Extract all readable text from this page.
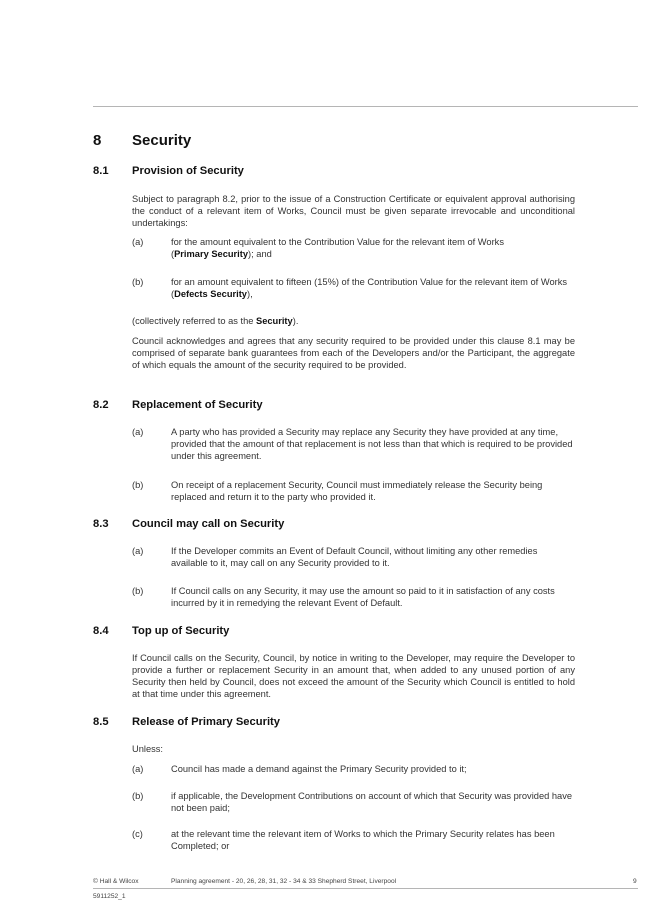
8 Security
8.1 Provision of Security
Subject to paragraph 8.2, prior to the issue of a Construction Certificate or equivalent approval authorising the conduct of a relevant item of Works, Council must be given separate irrevocable and unconditional undertakings:
(a)	for the amount equivalent to the Contribution Value for the relevant item of Works
(Primary Security); and
(b)	for an amount equivalent to fifteen (15%) of the Contribution Value for the relevant item of Works (Defects Security),
(collectively referred to as the Security).
Council acknowledges and agrees that any security required to be provided under this clause 8.1 may be comprised of separate bank guarantees from each of the Developers and/or the Participant, the aggregate of which equals the amount of the security required to be provided.
8.2 Replacement of Security
(a)	A party who has provided a Security may replace any Security they have provided at any time, provided that the amount of that replacement is not less than that which is required to be provided under this agreement.
(b)	On receipt of a replacement Security, Council must immediately release the Security being replaced and return it to the party who provided it.
8.3 Council may call on Security
(a)	If the Developer commits an Event of Default Council, without limiting any other remedies available to it, may call on any Security provided to it.
(b)	If Council calls on any Security, it may use the amount so paid to it in satisfaction of any costs incurred by it in remedying the relevant Event of Default.
8.4 Top up of Security
If Council calls on the Security, Council, by notice in writing to the Developer, may require the Developer to provide a further or replacement Security in an amount that, when added to any unused portion of any Security then held by Council, does not exceed the amount of the Security which Council is entitled to hold at that time under this agreement.
8.5 Release of Primary Security
Unless:
(a)	Council has made a demand against the Primary Security provided to it;
(b)	if applicable, the Development Contributions on account of which that Security was provided have not been paid;
(c)	at the relevant time the relevant item of Works to which the Primary Security relates has been Completed; or
© Hall & Wilcox	Planning agreement - 20, 26, 28, 31, 32 - 34 & 33 Shepherd Street, Liverpool	9
5911252_1
